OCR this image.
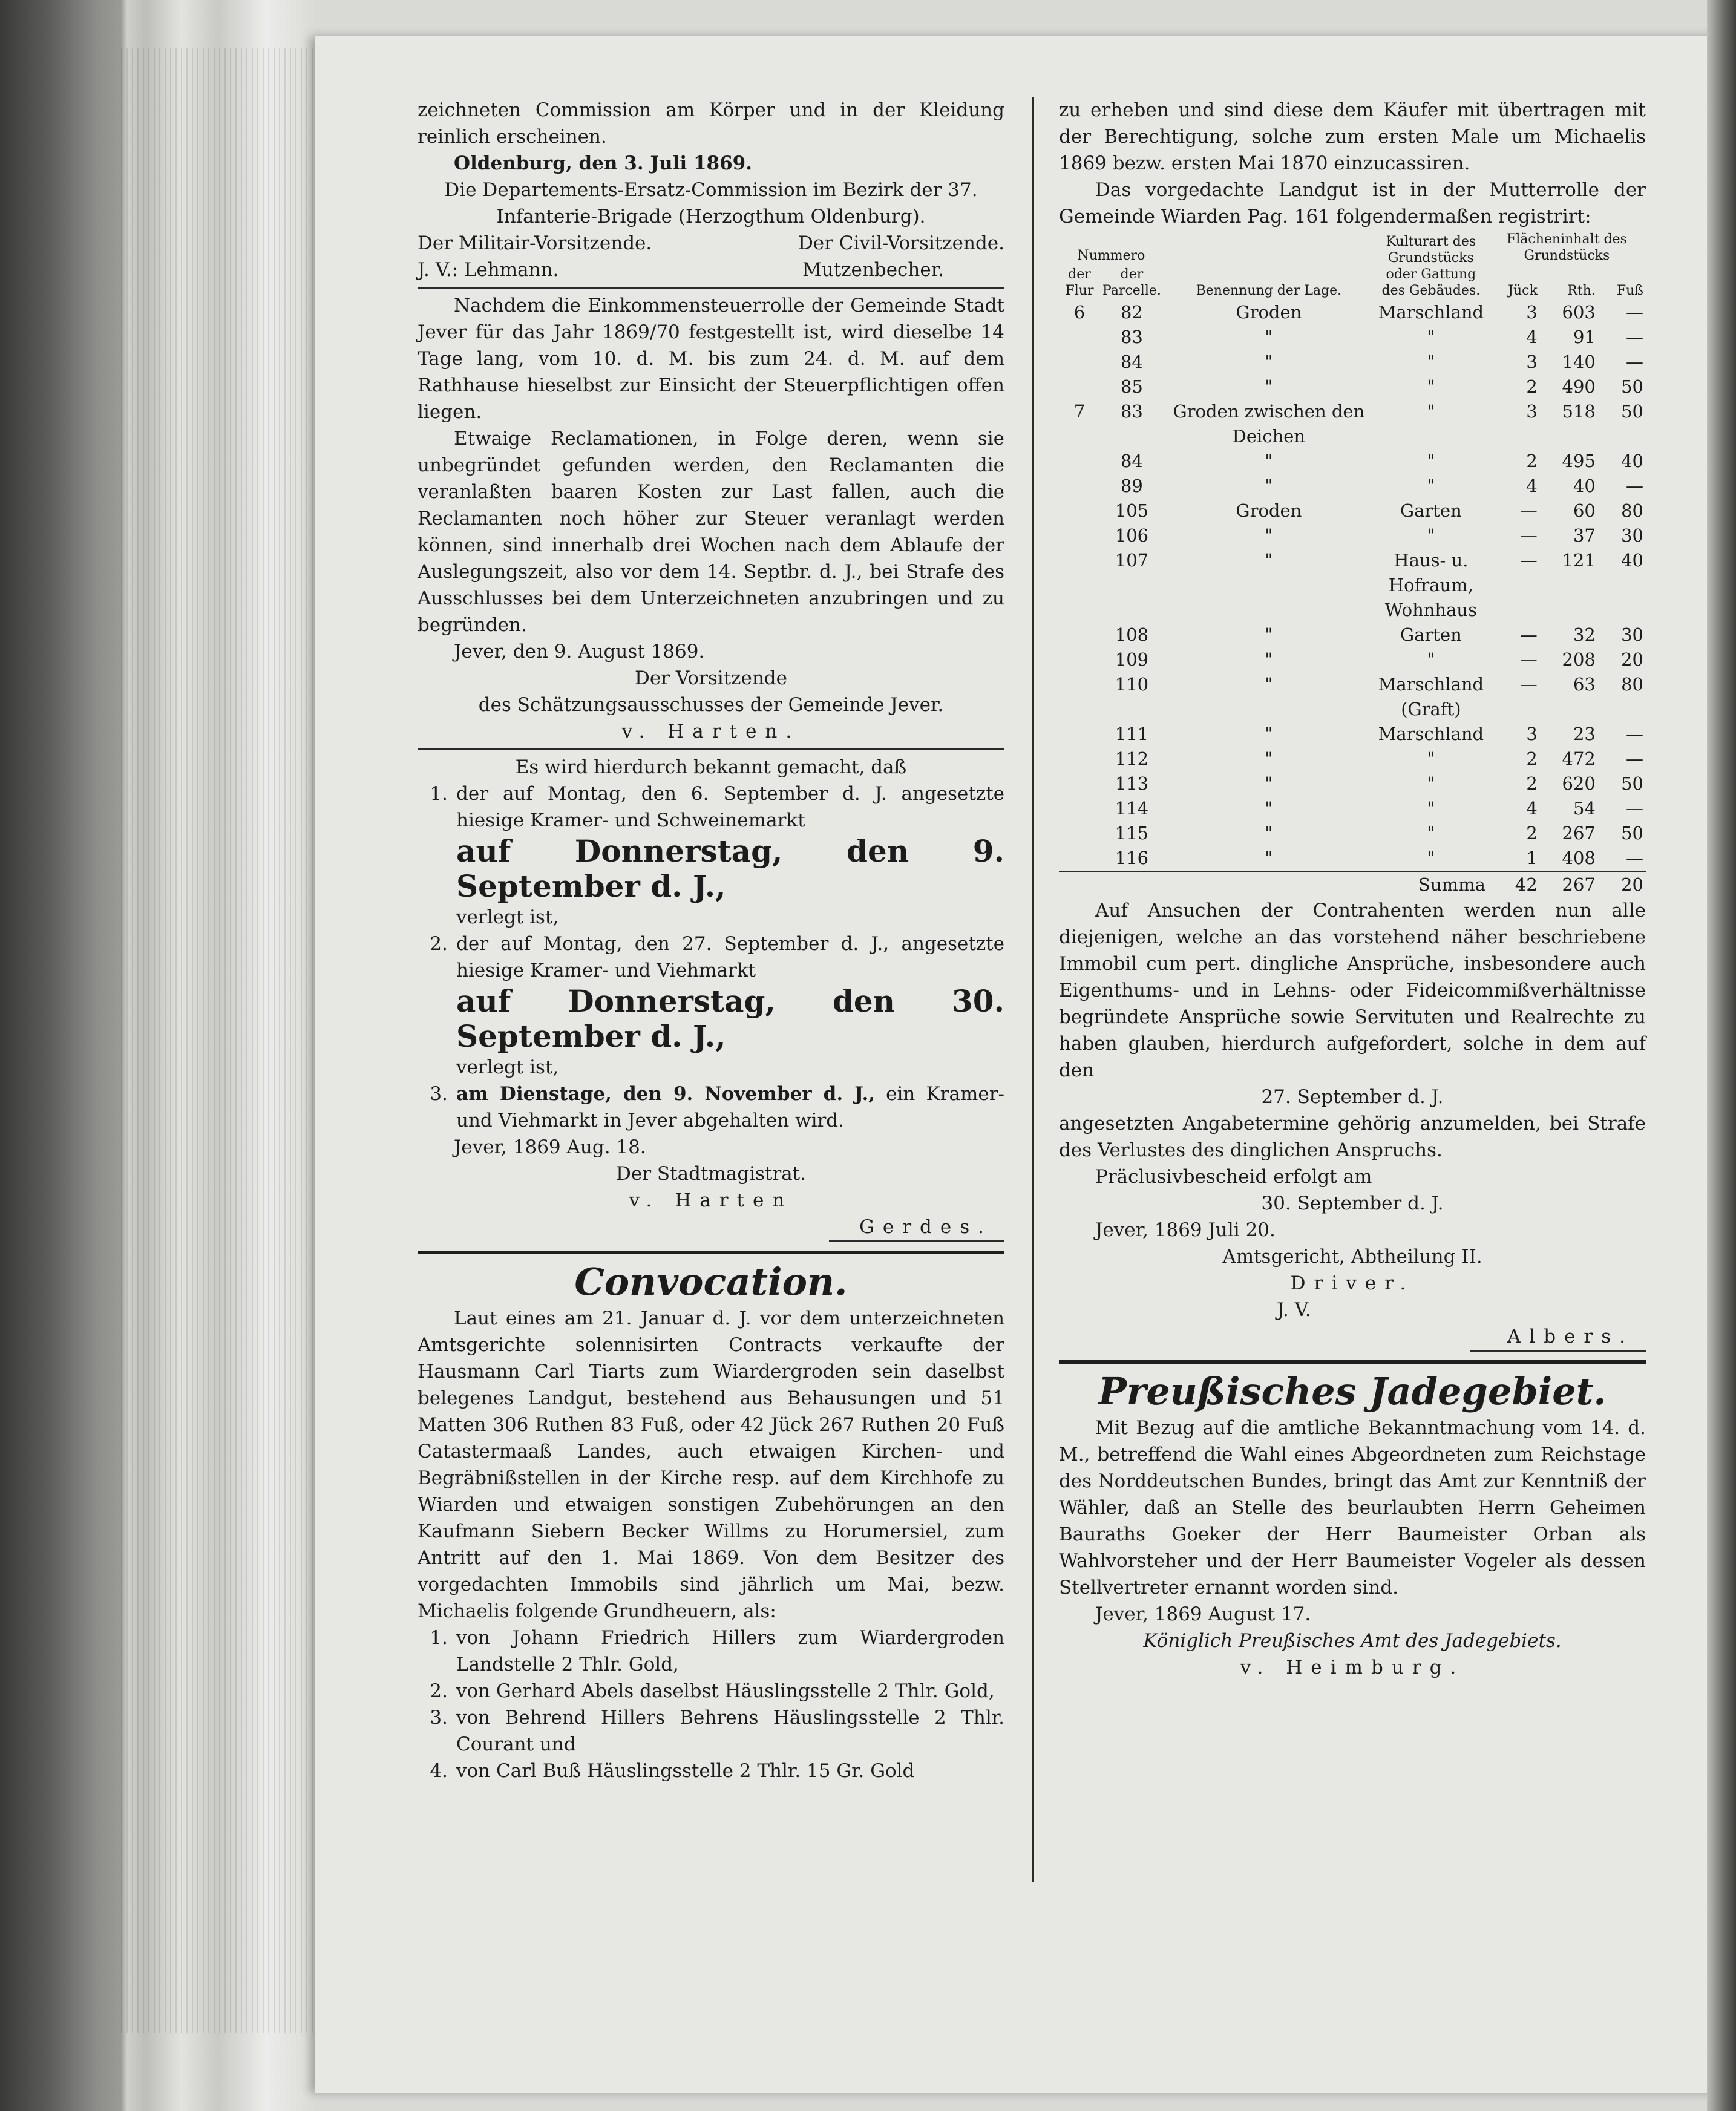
zeichneten Commission am Körper und in der Kleidung reinlich erscheinen.

Oldenburg, den 3. Juli 1869.

Die Departements-Ersatz-Commission im Bezirk der 37. Infanterie-Brigade (Herzogthum Oldenburg).

Der Militair-Vorsitzende.	Der Civil-Vorsitzende.
J. V.: Lehmann.	Mutzenbecher.

Nachdem die Einkommensteuerrolle der Gemeinde Stadt Jever für das Jahr 1869/70 festgestellt ist, wird dieselbe 14 Tage lang, vom 10. d. M. bis zum 24. d. M. auf dem Rathhause hieselbst zur Einsicht der Steuerpflichtigen offen liegen.

Etwaige Reclamationen, in Folge deren, wenn sie unbegründet gefunden werden, den Reclamanten die veranlaßten baaren Kosten zur Last fallen, auch die Reclamanten noch höher zur Steuer veranlagt werden können, sind innerhalb drei Wochen nach dem Ablaufe der Auslegungszeit, also vor dem 14. Septbr. d. J., bei Strafe des Ausschlusses bei dem Unterzeichneten anzubringen und zu begründen.

Jever, den 9. August 1869.

Der Vorsitzende

des Schätzungsausschusses der Gemeinde Jever.

v. Harten.

Es wird hierdurch bekannt gemacht, daß

1. der auf Montag, den 6. September d. J. angesetzte hiesige Kramer- und Schweinemarkt
auf Donnerstag, den 9. September d. J.,
verlegt ist,
2. der auf Montag, den 27. September d. J., angesetzte hiesige Kramer- und Viehmarkt
auf Donnerstag, den 30. September d. J.,
verlegt ist,
3. am Dienstage, den 9. November d. J., ein Kramer- und Viehmarkt in Jever abgehalten wird.

Jever, 1869 Aug. 18.

Der Stadtmagistrat.

v. Harten

Gerdes.
Convocation.

Laut eines am 21. Januar d. J. vor dem unterzeichneten Amtsgerichte solennisirten Contracts verkaufte der Hausmann Carl Tiarts zum Wiardergroden sein daselbst belegenes Landgut, bestehend aus Behausungen und 51 Matten 306 Ruthen 83 Fuß, oder 42 Jück 267 Ruthen 20 Fuß Catastermaaß Landes, auch etwaigen Kirchen- und Begräbnißstellen in der Kirche resp. auf dem Kirchhofe zu Wiarden und etwaigen sonstigen Zubehörungen an den Kaufmann Siebern Becker Willms zu Horumersiel, zum Antritt auf den 1. Mai 1869. Von dem Besitzer des vorgedachten Immobils sind jährlich um Mai, bezw. Michaelis folgende Grundheuern, als:

1. von Johann Friedrich Hillers zum Wiardergroden Landstelle 2 Thlr. Gold,
2. von Gerhard Abels daselbst Häuslingsstelle 2 Thlr. Gold,
3. von Behrend Hillers Behrens Häuslingsstelle 2 Thlr. Courant und
4. von Carl Buß Häuslingsstelle 2 Thlr. 15 Gr. Gold

zu erheben und sind diese dem Käufer mit übertragen mit der Berechtigung, solche zum ersten Male um Michaelis 1869 bezw. ersten Mai 1870 einzucassiren.

Das vorgedachte Landgut ist in der Mutterrolle der Gemeinde Wiarden Pag. 161 folgendermaßen registrirt:

Nummero		Benennung der Lage.	Kulturart des Grundstücks oder Gattung des Gebäudes.	Flächeninhalt des Grundstücks		
der Flur	der Parcelle.			Jück	Rth.	Fuß
6	82	Groden	Marschland	3	603	—
	83	"	"	4	91	—
	84	"	"	3	140	—
	85	"	"	2	490	50
7	83	Groden zwischen den Deichen	"	3	518	50
	84	"	"	2	495	40
	89	"	"	4	40	—
	105	Groden	Garten	—	60	80
	106	"	"	—	37	30
	107	"	Haus- u. Hofraum, Wohnhaus	—	121	40
	108	"	Garten	—	32	30
	109	"	"	—	208	20
	110	"	Marschland (Graft)	—	63	80
	111	"	Marschland	3	23	—
	112	"	"	2	472	—
	113	"	"	2	620	50
	114	"	"	4	54	—
	115	"	"	2	267	50
	116	"	"	1	408	—
			Summa	42	267	20

Auf Ansuchen der Contrahenten werden nun alle diejenigen, welche an das vorstehend näher beschriebene Immobil cum pert. dingliche Ansprüche, insbesondere auch Eigenthums- und in Lehns- oder Fideicommißverhältnisse begründete Ansprüche sowie Servituten und Realrechte zu haben glauben, hierdurch aufgefordert, solche in dem auf den

27. September d. J.

angesetzten Angabetermine gehörig anzumelden, bei Strafe des Verlustes des dinglichen Anspruchs.

Präclusivbescheid erfolgt am

30. September d. J.

Jever, 1869 Juli 20.

Amtsgericht, Abtheilung II.

Driver.

J. V.

Albers.
Preußisches Jadegebiet.

Mit Bezug auf die amtliche Bekanntmachung vom 14. d. M., betreffend die Wahl eines Abgeordneten zum Reichstage des Norddeutschen Bundes, bringt das Amt zur Kenntniß der Wähler, daß an Stelle des beurlaubten Herrn Geheimen Bauraths Goeker der Herr Baumeister Orban als Wahlvorsteher und der Herr Baumeister Vogeler als dessen Stellvertreter ernannt worden sind.

Jever, 1869 August 17.

Königlich Preußisches Amt des Jadegebiets.

v. Heimburg.
